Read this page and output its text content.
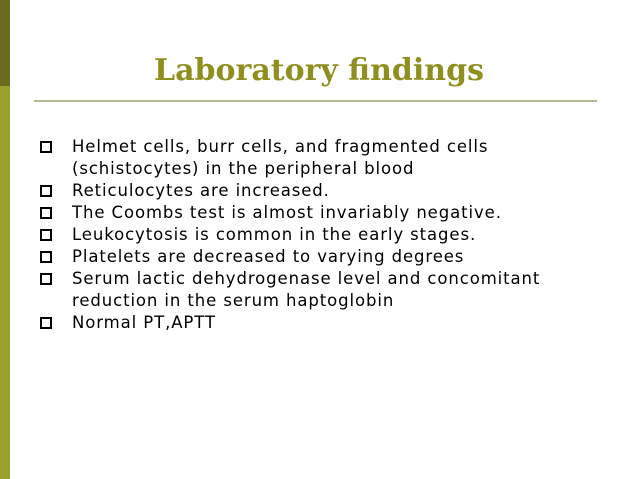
Laboratory findings
Helmet cells, burr cells, and fragmented cells (schistocytes) in the peripheral blood
Reticulocytes are increased.
The Coombs test is almost invariably negative.
Leukocytosis is common in the early stages.
Platelets are decreased to varying degrees
Serum lactic dehydrogenase level and concomitant reduction in the serum haptoglobin
Normal PT,APTT
